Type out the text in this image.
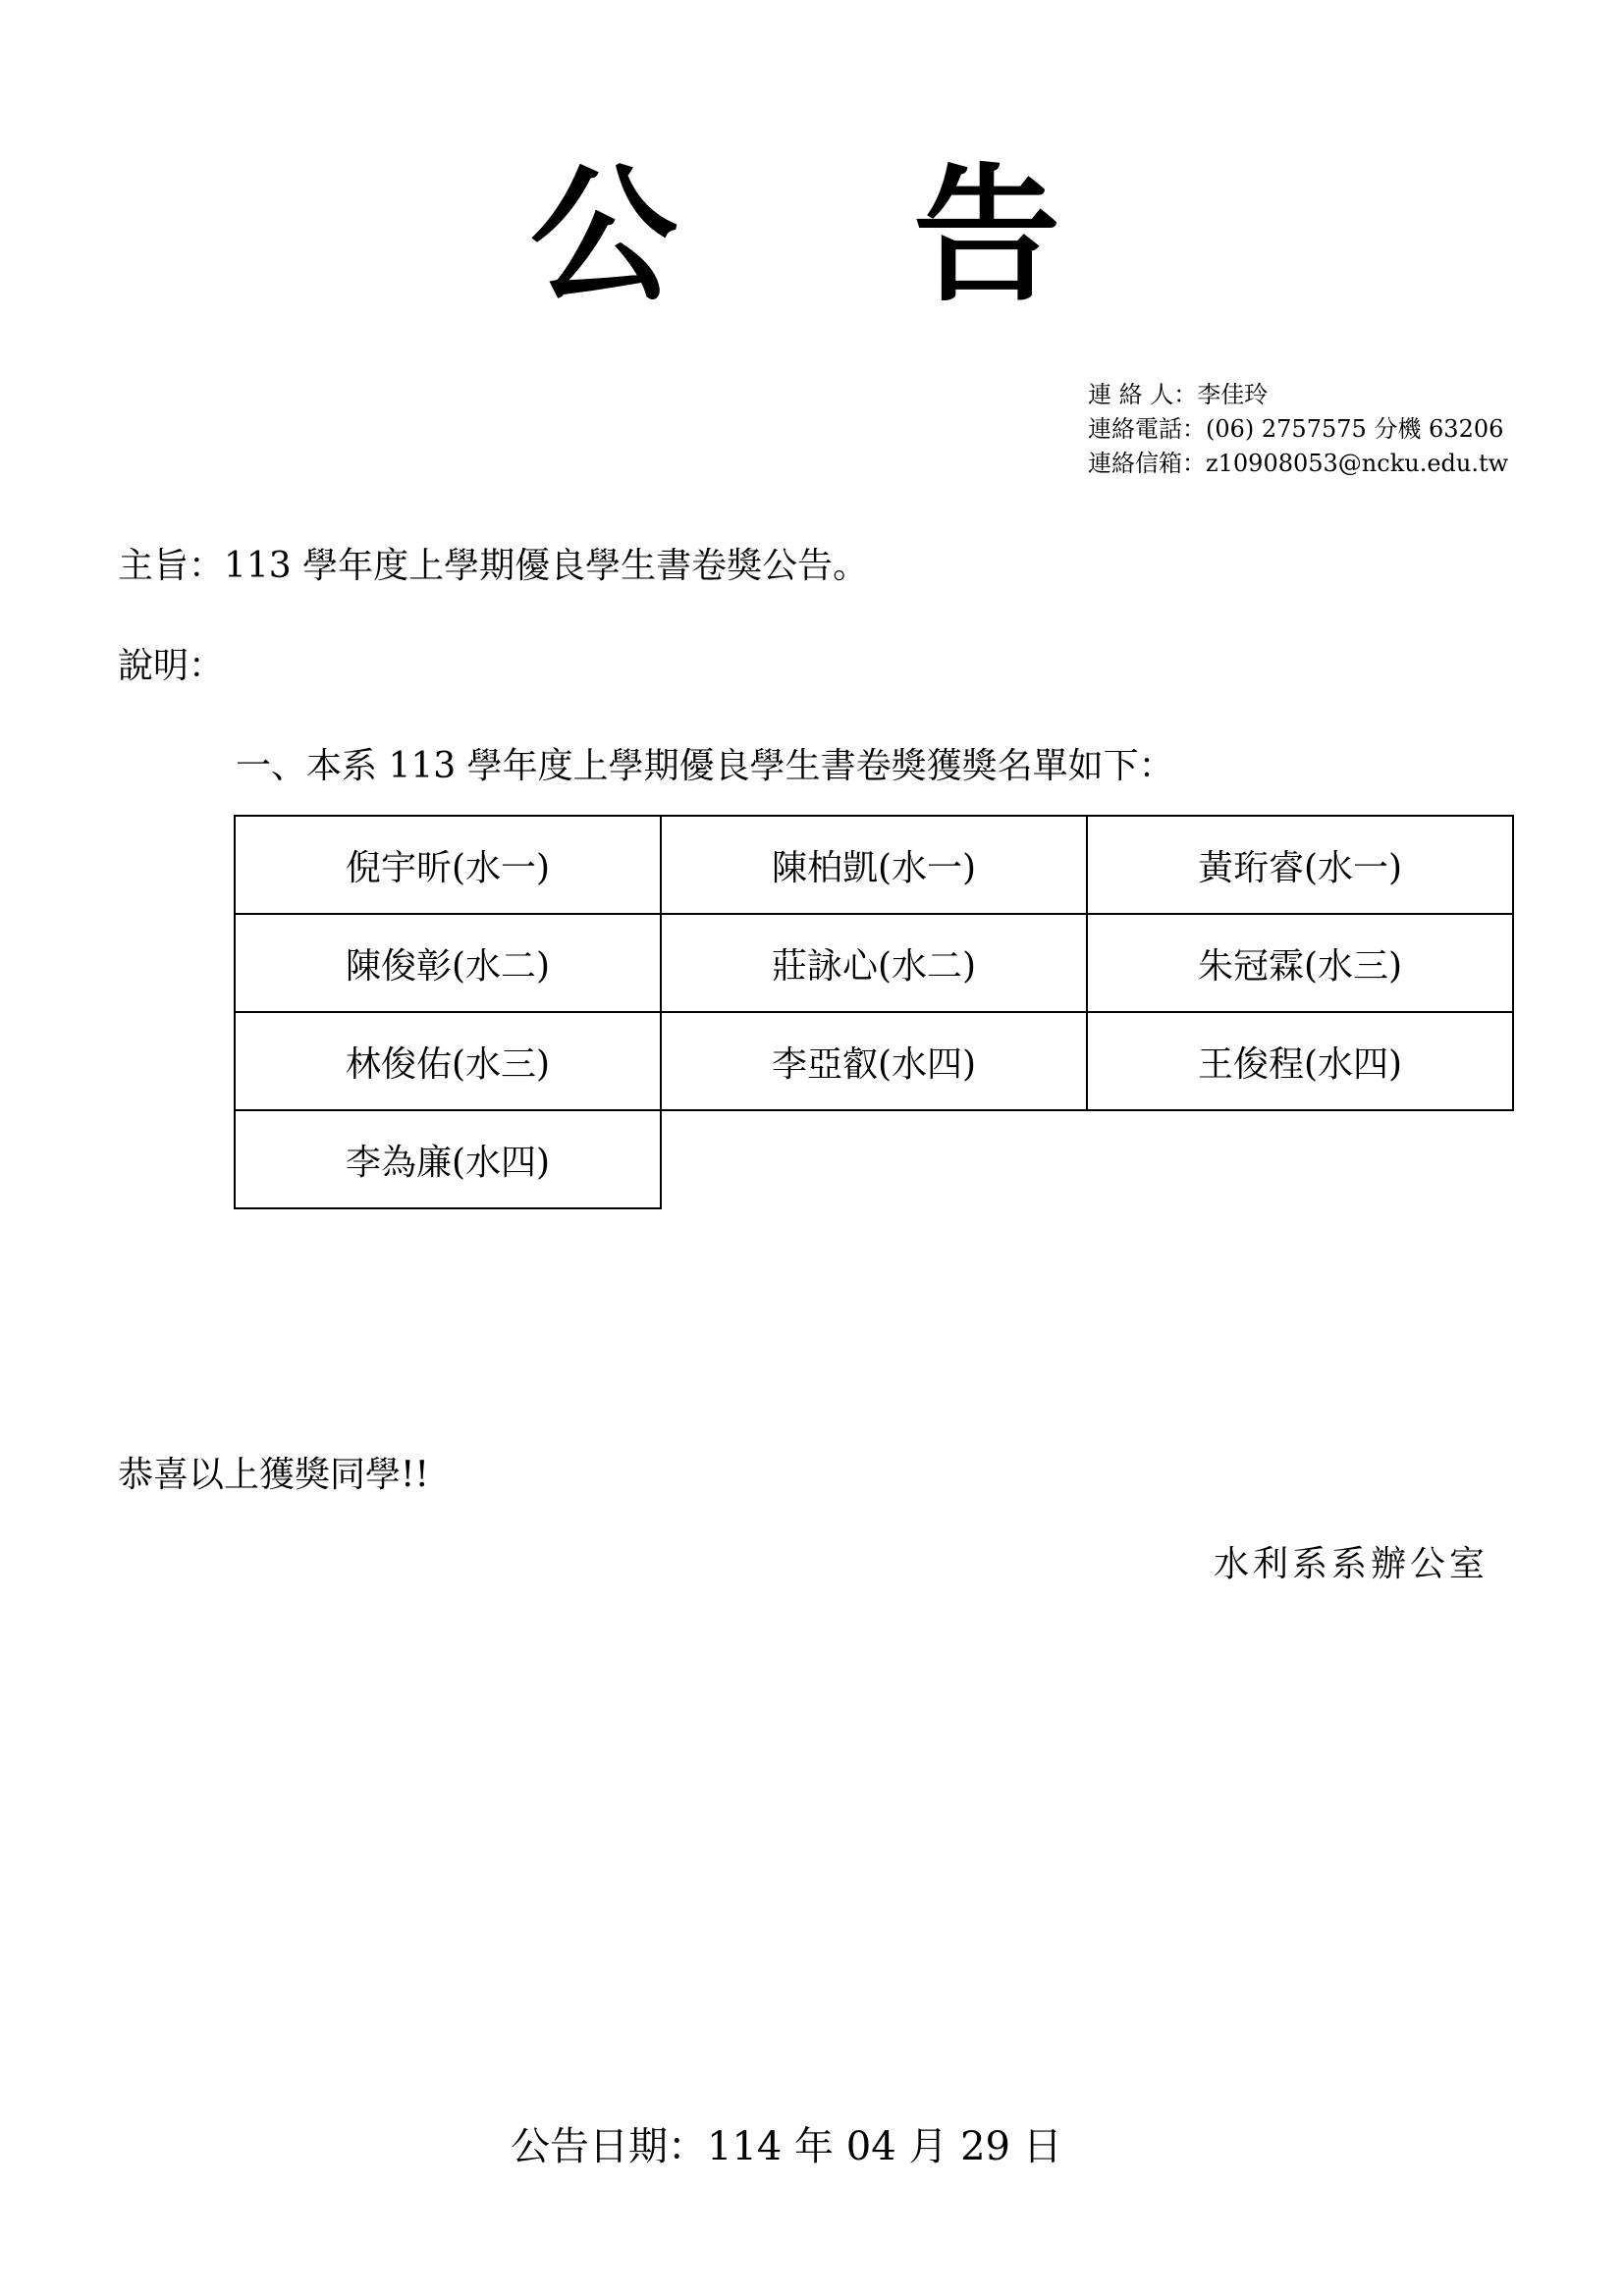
公 告
連 絡 人：李佳玲
連絡電話：(06) 2757575 分機 63206
連絡信箱：z10908053@ncku.edu.tw
主旨：113 學年度上學期優良學生書卷獎公告。
說明：
一、本系 113 學年度上學期優良學生書卷獎獲獎名單如下：
倪宇昕(水一)	陳柏凱(水一)	黃珩睿(水一)
陳俊彰(水二)	莊詠心(水二)	朱冠霖(水三)
林俊佑(水三)	李亞叡(水四)	王俊程(水四)
李為廉(水四)		
恭喜以上獲獎同學!!
水利系系辦公室
公告日期：114 年 04 月 29 日
